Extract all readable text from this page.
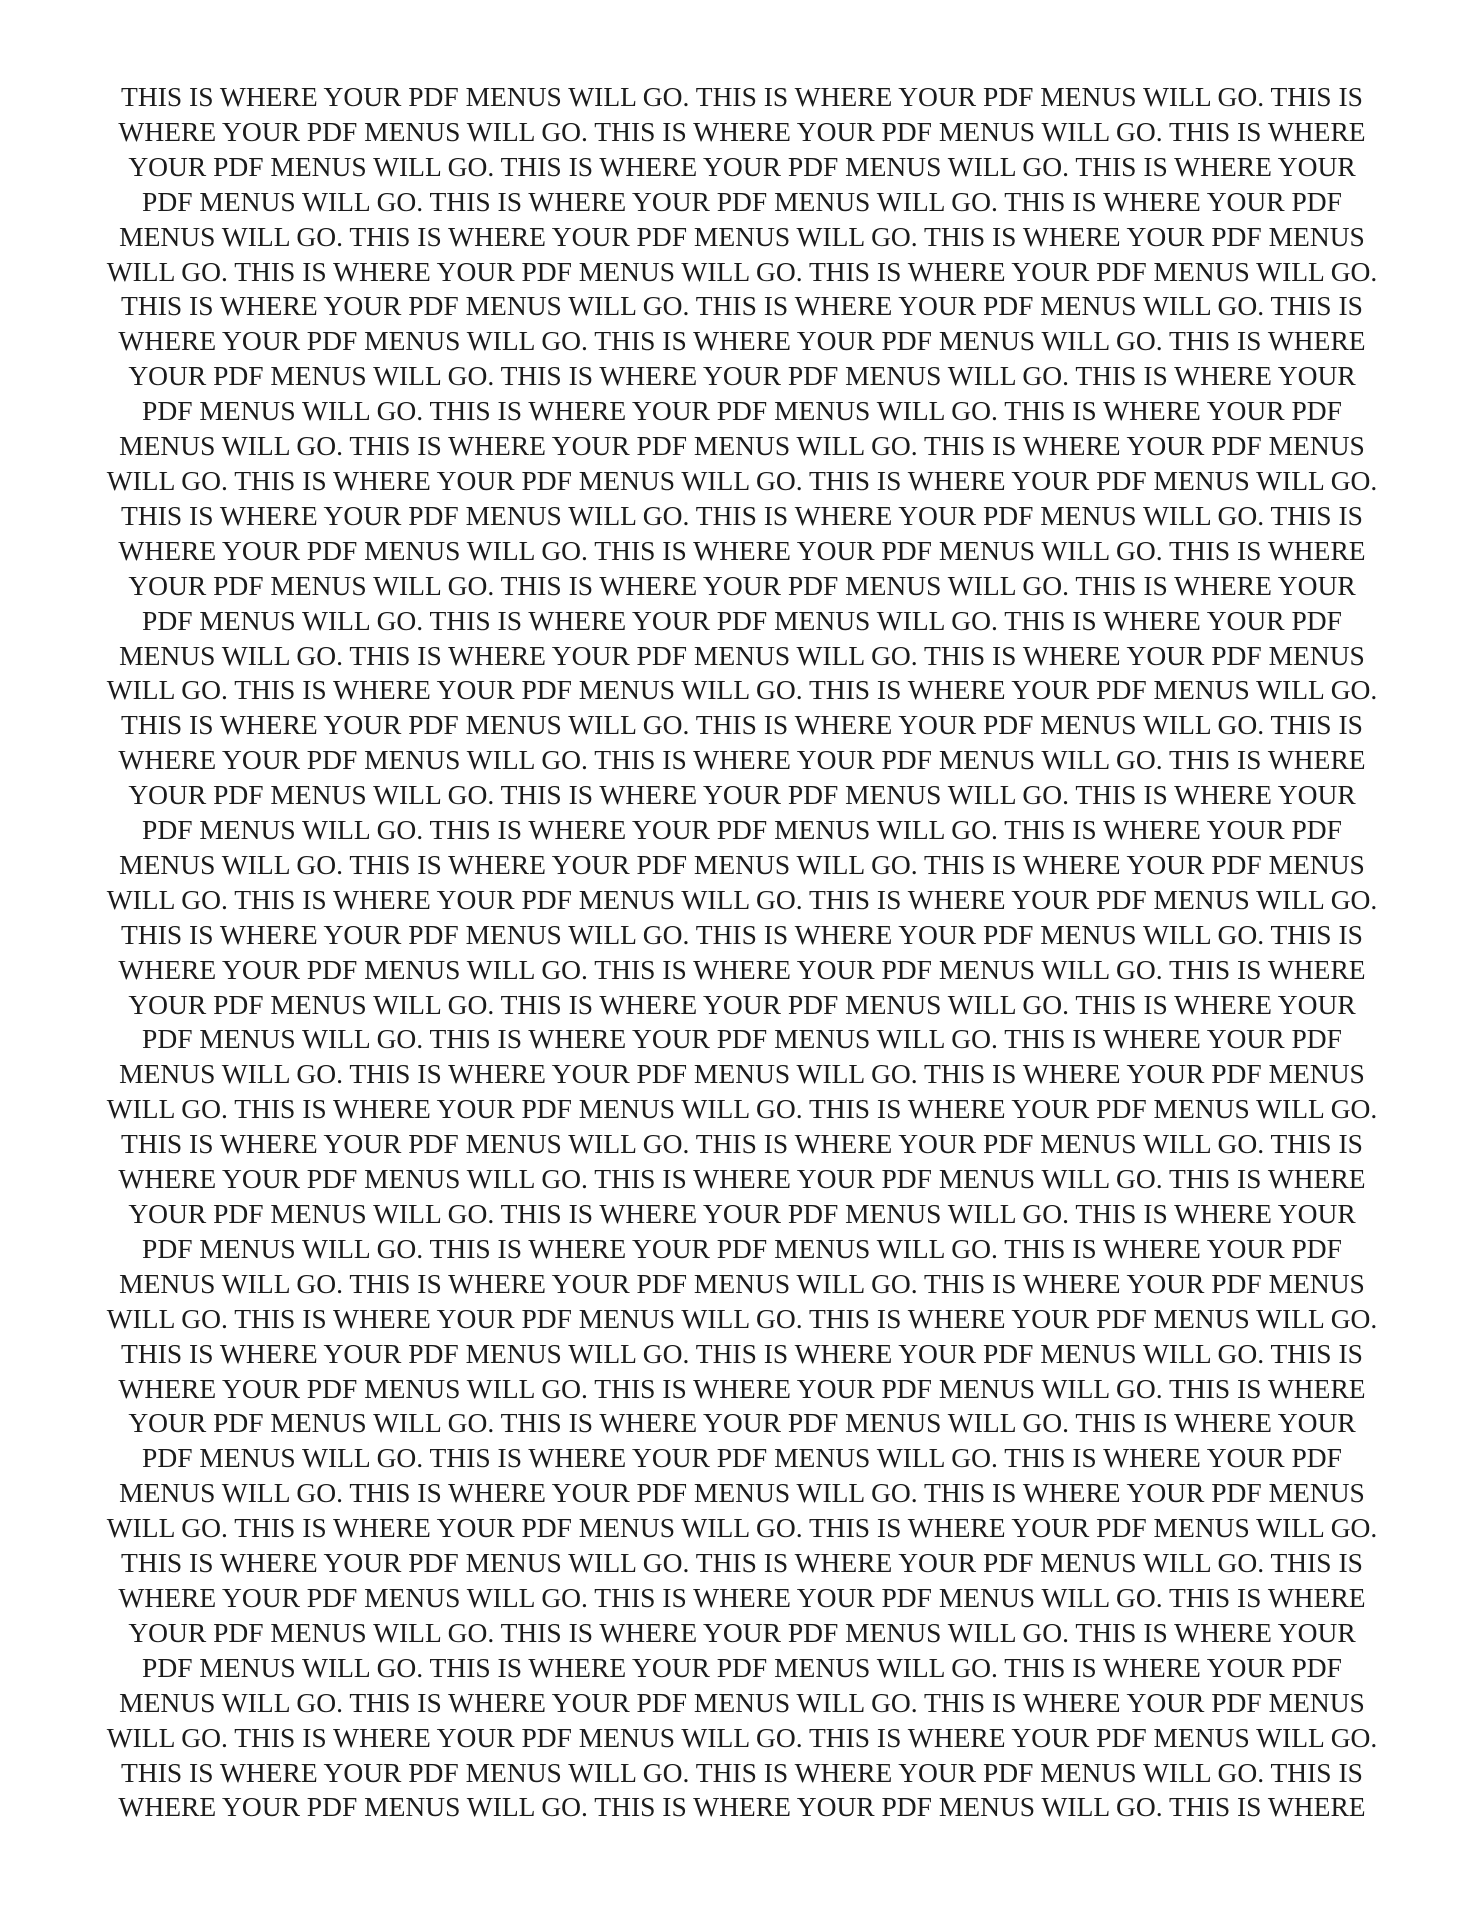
THIS IS WHERE YOUR PDF MENUS WILL GO. THIS IS WHERE YOUR PDF MENUS WILL GO. THIS IS
WHERE YOUR PDF MENUS WILL GO. THIS IS WHERE YOUR PDF MENUS WILL GO. THIS IS WHERE
YOUR PDF MENUS WILL GO. THIS IS WHERE YOUR PDF MENUS WILL GO. THIS IS WHERE YOUR
PDF MENUS WILL GO. THIS IS WHERE YOUR PDF MENUS WILL GO. THIS IS WHERE YOUR PDF
MENUS WILL GO. THIS IS WHERE YOUR PDF MENUS WILL GO. THIS IS WHERE YOUR PDF MENUS
WILL GO. THIS IS WHERE YOUR PDF MENUS WILL GO. THIS IS WHERE YOUR PDF MENUS WILL GO.
THIS IS WHERE YOUR PDF MENUS WILL GO. THIS IS WHERE YOUR PDF MENUS WILL GO. THIS IS
WHERE YOUR PDF MENUS WILL GO. THIS IS WHERE YOUR PDF MENUS WILL GO. THIS IS WHERE
YOUR PDF MENUS WILL GO. THIS IS WHERE YOUR PDF MENUS WILL GO. THIS IS WHERE YOUR
PDF MENUS WILL GO. THIS IS WHERE YOUR PDF MENUS WILL GO. THIS IS WHERE YOUR PDF
MENUS WILL GO. THIS IS WHERE YOUR PDF MENUS WILL GO. THIS IS WHERE YOUR PDF MENUS
WILL GO. THIS IS WHERE YOUR PDF MENUS WILL GO. THIS IS WHERE YOUR PDF MENUS WILL GO.
THIS IS WHERE YOUR PDF MENUS WILL GO. THIS IS WHERE YOUR PDF MENUS WILL GO. THIS IS
WHERE YOUR PDF MENUS WILL GO. THIS IS WHERE YOUR PDF MENUS WILL GO. THIS IS WHERE
YOUR PDF MENUS WILL GO. THIS IS WHERE YOUR PDF MENUS WILL GO. THIS IS WHERE YOUR
PDF MENUS WILL GO. THIS IS WHERE YOUR PDF MENUS WILL GO. THIS IS WHERE YOUR PDF
MENUS WILL GO. THIS IS WHERE YOUR PDF MENUS WILL GO. THIS IS WHERE YOUR PDF MENUS
WILL GO. THIS IS WHERE YOUR PDF MENUS WILL GO. THIS IS WHERE YOUR PDF MENUS WILL GO.
THIS IS WHERE YOUR PDF MENUS WILL GO. THIS IS WHERE YOUR PDF MENUS WILL GO. THIS IS
WHERE YOUR PDF MENUS WILL GO. THIS IS WHERE YOUR PDF MENUS WILL GO. THIS IS WHERE
YOUR PDF MENUS WILL GO. THIS IS WHERE YOUR PDF MENUS WILL GO. THIS IS WHERE YOUR
PDF MENUS WILL GO. THIS IS WHERE YOUR PDF MENUS WILL GO. THIS IS WHERE YOUR PDF
MENUS WILL GO. THIS IS WHERE YOUR PDF MENUS WILL GO. THIS IS WHERE YOUR PDF MENUS
WILL GO. THIS IS WHERE YOUR PDF MENUS WILL GO. THIS IS WHERE YOUR PDF MENUS WILL GO.
THIS IS WHERE YOUR PDF MENUS WILL GO. THIS IS WHERE YOUR PDF MENUS WILL GO. THIS IS
WHERE YOUR PDF MENUS WILL GO. THIS IS WHERE YOUR PDF MENUS WILL GO. THIS IS WHERE
YOUR PDF MENUS WILL GO. THIS IS WHERE YOUR PDF MENUS WILL GO. THIS IS WHERE YOUR
PDF MENUS WILL GO. THIS IS WHERE YOUR PDF MENUS WILL GO. THIS IS WHERE YOUR PDF
MENUS WILL GO. THIS IS WHERE YOUR PDF MENUS WILL GO. THIS IS WHERE YOUR PDF MENUS
WILL GO. THIS IS WHERE YOUR PDF MENUS WILL GO. THIS IS WHERE YOUR PDF MENUS WILL GO.
THIS IS WHERE YOUR PDF MENUS WILL GO. THIS IS WHERE YOUR PDF MENUS WILL GO. THIS IS
WHERE YOUR PDF MENUS WILL GO. THIS IS WHERE YOUR PDF MENUS WILL GO. THIS IS WHERE
YOUR PDF MENUS WILL GO. THIS IS WHERE YOUR PDF MENUS WILL GO. THIS IS WHERE YOUR
PDF MENUS WILL GO. THIS IS WHERE YOUR PDF MENUS WILL GO. THIS IS WHERE YOUR PDF
MENUS WILL GO. THIS IS WHERE YOUR PDF MENUS WILL GO. THIS IS WHERE YOUR PDF MENUS
WILL GO. THIS IS WHERE YOUR PDF MENUS WILL GO. THIS IS WHERE YOUR PDF MENUS WILL GO.
THIS IS WHERE YOUR PDF MENUS WILL GO. THIS IS WHERE YOUR PDF MENUS WILL GO. THIS IS
WHERE YOUR PDF MENUS WILL GO. THIS IS WHERE YOUR PDF MENUS WILL GO. THIS IS WHERE
YOUR PDF MENUS WILL GO. THIS IS WHERE YOUR PDF MENUS WILL GO. THIS IS WHERE YOUR
PDF MENUS WILL GO. THIS IS WHERE YOUR PDF MENUS WILL GO. THIS IS WHERE YOUR PDF
MENUS WILL GO. THIS IS WHERE YOUR PDF MENUS WILL GO. THIS IS WHERE YOUR PDF MENUS
WILL GO. THIS IS WHERE YOUR PDF MENUS WILL GO. THIS IS WHERE YOUR PDF MENUS WILL GO.
THIS IS WHERE YOUR PDF MENUS WILL GO. THIS IS WHERE YOUR PDF MENUS WILL GO. THIS IS
WHERE YOUR PDF MENUS WILL GO. THIS IS WHERE YOUR PDF MENUS WILL GO. THIS IS WHERE
YOUR PDF MENUS WILL GO. THIS IS WHERE YOUR PDF MENUS WILL GO. THIS IS WHERE YOUR
PDF MENUS WILL GO. THIS IS WHERE YOUR PDF MENUS WILL GO. THIS IS WHERE YOUR PDF
MENUS WILL GO. THIS IS WHERE YOUR PDF MENUS WILL GO. THIS IS WHERE YOUR PDF MENUS
WILL GO. THIS IS WHERE YOUR PDF MENUS WILL GO. THIS IS WHERE YOUR PDF MENUS WILL GO.
THIS IS WHERE YOUR PDF MENUS WILL GO. THIS IS WHERE YOUR PDF MENUS WILL GO. THIS IS
WHERE YOUR PDF MENUS WILL GO. THIS IS WHERE YOUR PDF MENUS WILL GO. THIS IS WHERE
